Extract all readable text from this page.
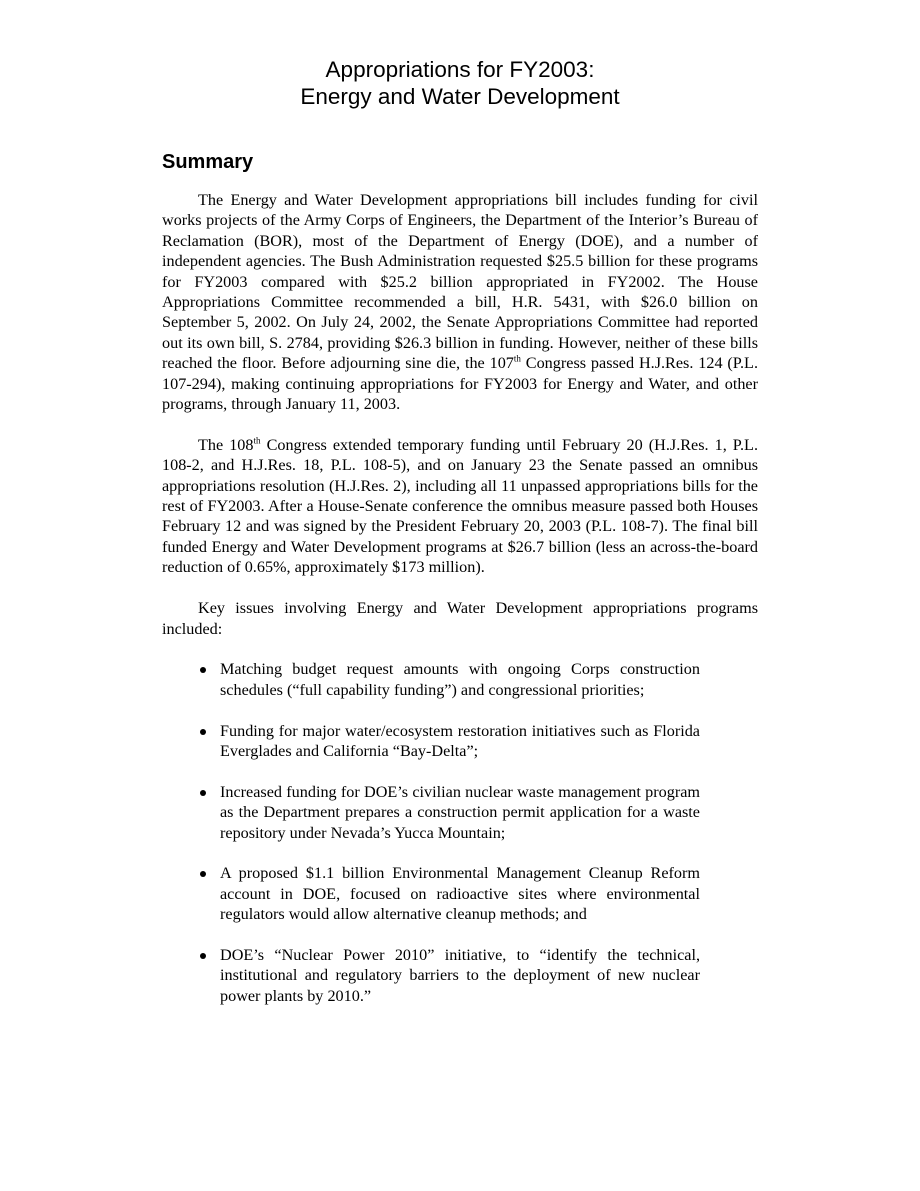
Appropriations for FY2003:
Energy and Water Development
Summary

The Energy and Water Development appropriations bill includes funding for civil works projects of the Army Corps of Engineers, the Department of the Interior’s Bureau of Reclamation (BOR), most of the Department of Energy (DOE), and a number of independent agencies. The Bush Administration requested $25.5 billion for these programs for FY2003 compared with $25.2 billion appropriated in FY2002. The House Appropriations Committee recommended a bill, H.R. 5431, with $26.0 billion on September 5, 2002. On July 24, 2002, the Senate Appropriations Committee had reported out its own bill, S. 2784, providing $26.3 billion in funding. However, neither of these bills reached the floor. Before adjourning sine die, the 107th Congress passed H.J.Res. 124 (P.L. 107-294), making continuing appropriations for FY2003 for Energy and Water, and other programs, through January 11, 2003.

The 108th Congress extended temporary funding until February 20 (H.J.Res. 1, P.L. 108-2, and H.J.Res. 18, P.L. 108-5), and on January 23 the Senate passed an omnibus appropriations resolution (H.J.Res. 2), including all 11 unpassed appropriations bills for the rest of FY2003. After a House-Senate conference the omnibus measure passed both Houses February 12 and was signed by the President February 20, 2003 (P.L. 108-7). The final bill funded Energy and Water Development programs at $26.7 billion (less an across-the-board reduction of 0.65%, approximately $173 million).

Key issues involving Energy and Water Development appropriations programs included:

Matching budget request amounts with ongoing Corps construction schedules (“full capability funding”) and congressional priorities;
Funding for major water/ecosystem restoration initiatives such as Florida Everglades and California “Bay-Delta”;
Increased funding for DOE’s civilian nuclear waste management program as the Department prepares a construction permit application for a waste repository under Nevada’s Yucca Mountain;
A proposed $1.1 billion Environmental Management Cleanup Reform account in DOE, focused on radioactive sites where environmental regulators would allow alternative cleanup methods; and
DOE’s “Nuclear Power 2010” initiative, to “identify the technical, institutional and regulatory barriers to the deployment of new nuclear power plants by 2010.”
